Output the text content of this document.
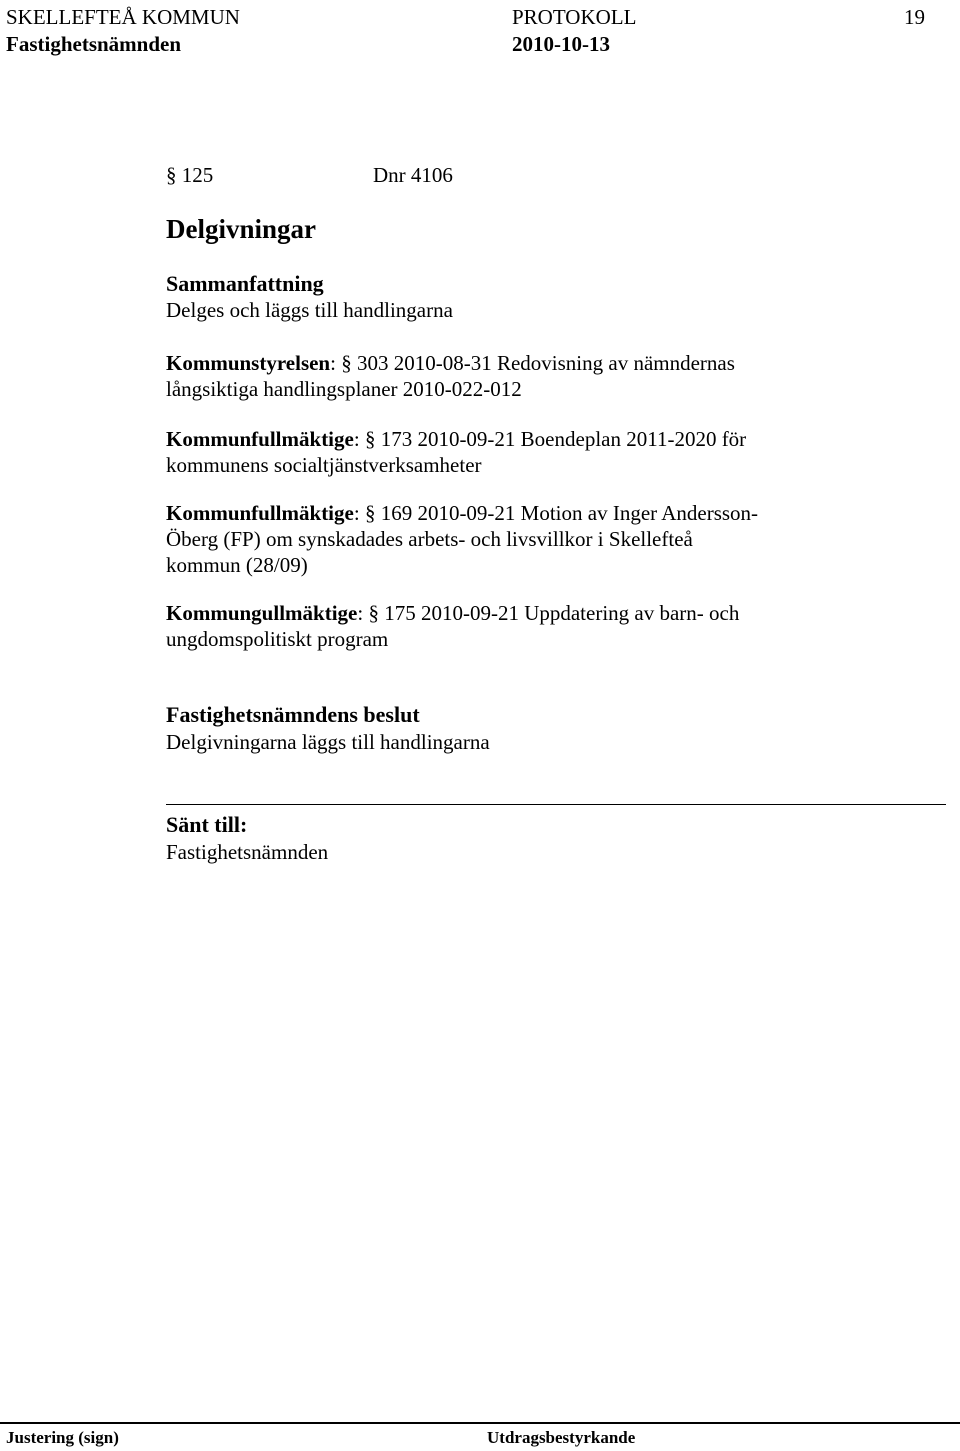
SKELLEFTEÅ KOMMUN	PROTOKOLL	19
Fastighetsnämnden	2010-10-13
§ 125	Dnr 4106
Delgivningar
Sammanfattning
Delges och läggs till handlingarna
Kommunstyrelsen: § 303 2010-08-31 Redovisning av nämndernas
långsiktiga handlingsplaner 2010-022-012
Kommunfullmäktige: § 173 2010-09-21 Boendeplan 2011-2020 för
kommunens socialtjänstverksamheter
Kommunfullmäktige: § 169 2010-09-21 Motion av Inger Andersson-
Öberg (FP) om synskadades arbets- och livsvillkor i Skellefteå
kommun (28/09)
Kommungullmäktige: § 175 2010-09-21 Uppdatering av barn- och
ungdomspolitiskt program
Fastighetsnämndens beslut
Delgivningarna läggs till handlingarna
Sänt till:
Fastighetsnämnden
Justering (sign)	Utdragsbestyrkande
